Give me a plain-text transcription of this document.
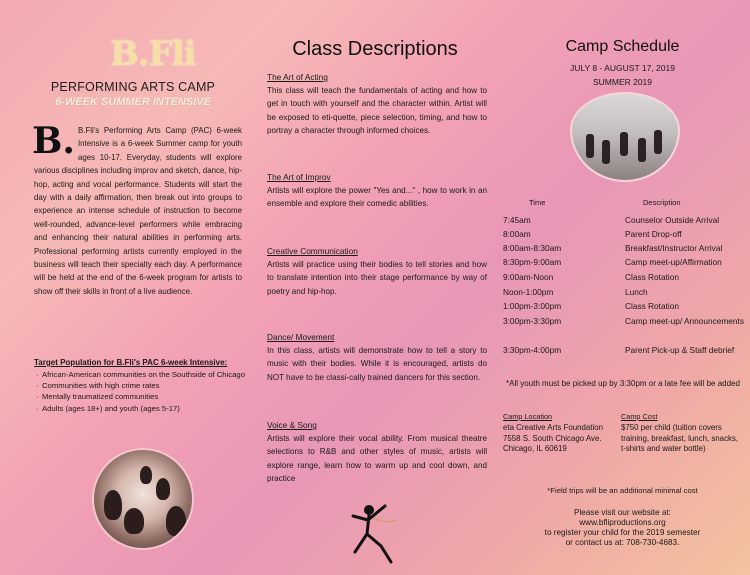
B.Fli
PERFORMING ARTS CAMP
6-WEEK SUMMER INTENSIVE
B. B.Fli's Performing Arts Camp (PAC) 6-week Intensive is a 6-week Summer camp for youth ages 10-17. Everyday, students will explore various disciplines including improv and sketch, dance, hip-hop, acting and vocal performance. Students will start the day with a daily affirmation, then break out into groups to experience an intense schedule of instruction to become well-rounded, advance-level performers while embracing and enhancing their natural abilities in performing arts. Professional performing artists currently employed in the business will teach their specialty each day. A performance will be held at the end of the 6-week program for artists to show off their skills in front of a live audience.
Target Population for B.Fli's PAC 6-week Intensive:
· African-American communities on the Southside of Chicago
· Communities with high crime rates
· Mentally traumatized communities
· Adults (ages 18+) and youth (ages 5-17)
Class Descriptions
The Art of Acting

This class will teach the fundamentals of acting and how to get in touch with yourself and the character within. Artist will be exposed to eti-quette, piece selection, timing, and how to portray a character through informed choices.

The Art of Improv

Artists will explore the power "Yes and..." , how to work in an ensemble and explore their comedic abilities.

Creative Communication

Artists will practice using their bodies to tell stories and how to translate intention into their stage performance by way of poetry and hip-hop.

Dance/ Movement

In this class, artists will demonstrate how to tell a story to music with their bodies. While it is encouraged, artists do NOT have to be classi-cally trained dancers for this section.

Voice & Song

Artists will explore their vocal ability. From musical theatre selections to R&B and other styles of music, artists will explore range, learn how to warm up and cool down, and practice

Camp Schedule
JULY 8 - AUGUST 17, 2019
SUMMER 2019
Time	Description
7:45am	Counselor Outside Arrival
8:00am	Parent Drop-off
8:00am-8:30am	Breakfast/Instructor Arrival
8:30pm-9:00am	Camp meet-up/Affirmation
9:00am-Noon	Class Rotation
Noon-1:00pm	Lunch
1:00pm-3:00pm	Class Rotation
3:00pm-3:30pm	Camp meet-up/ Announcements
3:30pm-4:00pm	Parent Pick-up & Staff debrief
*All youth must be picked up by 3:30pm or a late fee will be added
Camp Location	Camp Cost
eta Creative Arts Foundation 7558 S. South Chicago Ave. Chicago, IL 60619
$750 per child (tuition covers training, breakfast, lunch, snacks, t-shirts and water bottle)
*Field trips will be an additional minimal cost
Please visit our website at:
www.bfliproductions.org
to register your child for the 2019 semester
or contact us at: 708-730-4683.
